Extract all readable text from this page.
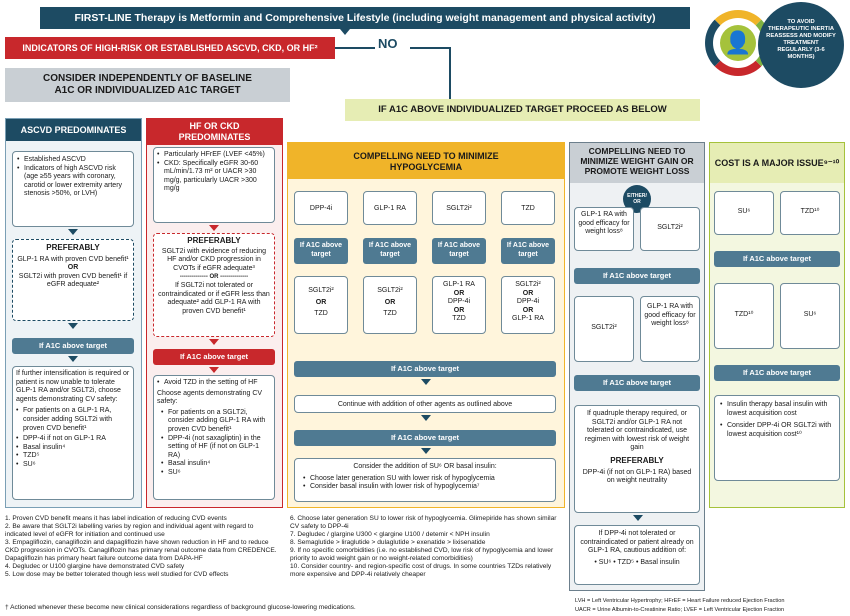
FIRST-LINE Therapy is Metformin and Comprehensive Lifestyle (including weight management and physical activity)
INDICATORS OF HIGH-RISK OR ESTABLISHED ASCVD, CKD, OR HF²	NO
CONSIDER INDEPENDENTLY OF BASELINE A1C OR INDIVIDUALIZED A1C TARGET
IF A1C ABOVE INDIVIDUALIZED TARGET PROCEED AS BELOW
👤
TO AVOID THERAPEUTIC INERTIA REASSESS AND MODIFY TREATMENT REGULARLY (3-6 MONTHS)
ASCVD PREDOMINATES
• Established ASCVD
• Indicators of high ASCVD risk (age ≥55 years with coronary, carotid or lower extremity artery stenosis >50%, or LVH)
PREFERABLY
GLP-1 RA with proven CVD benefit¹
OR
SGLT2i with proven CVD benefit¹ if eGFR adequate²
If A1C above target
If further intensification is required or patient is now unable to tolerate GLP-1 RA and/or SGLT2i, choose agents demonstrating CV safety:
• For patients on a GLP-1 RA, consider adding SGLT2i with proven CVD benefit¹
• DPP-4i if not on GLP-1 RA
• Basal insulin⁴
• TZD⁵
• SU⁶
HF OR CKD PREDOMINATES
• Particularly HFrEF (LVEF <45%)
• CKD: Specifically eGFR 30-60 mL/min/1.73 m² or UACR >30 mg/g, particularly UACR >300 mg/g
PREFERABLY
SGLT2i with evidence of reducing HF and/or CKD progression in CVOTs if eGFR adequate³
-------------- OR --------------
If SGLT2i not tolerated or contraindicated or if eGFR less than adequate² add GLP-1 RA with proven CVD benefit¹
If A1C above target
• Avoid TZD in the setting of HF
Choose agents demonstrating CV safety:
• For patients on a SGLT2i, consider adding GLP-1 RA with proven CVD benefit¹
• DPP-4i (not saxagliptin) in the setting of HF (if not on GLP-1 RA)
• Basal insulin⁴
• SU⁶
COMPELLING NEED TO MINIMIZE HYPOGLYCEMIA
DPP-4i	GLP-1 RA	SGLT2i²	TZD
If A1C above target
If A1C above target
If A1C above target
If A1C above target
SGLT2i²
OR
TZD
SGLT2i²
OR
TZD
GLP-1 RA
OR
DPP-4i
OR
TZD
SGLT2i²
OR
DPP-4i
OR
GLP-1 RA
If A1C above target
Continue with addition of other agents as outlined above
If A1C above target
Consider the addition of SU⁶ OR basal insulin:
• Choose later generation SU with lower risk of hypoglycemia
• Consider basal insulin with lower risk of hypoglycemia⁷
COMPELLING NEED TO MINIMIZE WEIGHT GAIN OR PROMOTE WEIGHT LOSS
EITHER/ OR
GLP-1 RA with good efficacy for weight loss⁸
SGLT2i²
If A1C above target
SGLT2i²
GLP-1 RA with good efficacy for weight loss⁸
If A1C above target
If quadruple therapy required, or SGLT2i and/or GLP-1 RA not tolerated or contraindicated, use regimen with lowest risk of weight gain
PREFERABLY
DPP-4i (if not on GLP-1 RA) based on weight neutrality
If DPP-4i not tolerated or contraindicated or patient already on GLP-1 RA, cautious addition of:
• SU⁶ • TZD⁵ • Basal insulin
COST IS A MAJOR ISSUE⁹⁻¹⁰
SU⁶	TZD¹⁰
If A1C above target
TZD¹⁰	SU⁶
If A1C above target
• Insulin therapy basal insulin with lowest acquisition cost
• Consider DPP-4i OR SGLT2i with lowest acquisition cost¹⁰
1. Proven CVD benefit means it has label indication of reducing CVD events
2. Be aware that SGLT2i labelling varies by region and individual agent with regard to indicated level of eGFR for initiation and continued use
3. Empagliflozin, canagliflozin and dapagliflozin have shown reduction in HF and to reduce CKD progression in CVOTs. Canagliflozin has primary renal outcome data from CREDENCE. Dapagliflozin has primary heart failure outcome data from DAPA-HF
4. Degludec or U100 glargine have demonstrated CVD safety
5. Low dose may be better tolerated though less well studied for CVD effects
6. Choose later generation SU to lower risk of hypoglycemia. Glimepiride has shown similar CV safety to DPP-4i
7. Degludec / glargine U300 < glargine U100 / detemir < NPH insulin
8. Semaglutide > liraglutide > dulaglutide > exenatide > lixisenatide
9. If no specific comorbidities (i.e. no established CVD, low risk of hypoglycemia and lower priority to avoid weight gain or no weight-related comorbidities)
10. Consider country- and region-specific cost of drugs. In some countries TZDs relatively more expensive and DPP-4i relatively cheaper
† Actioned whenever these become new clinical considerations regardless of background glucose-lowering medications.
LVH = Left Ventricular Hypertrophy; HFrEF = Heart Failure reduced Ejection Fraction
UACR = Urine Albumin-to-Creatinine Ratio; LVEF = Left Ventricular Ejection Fraction
